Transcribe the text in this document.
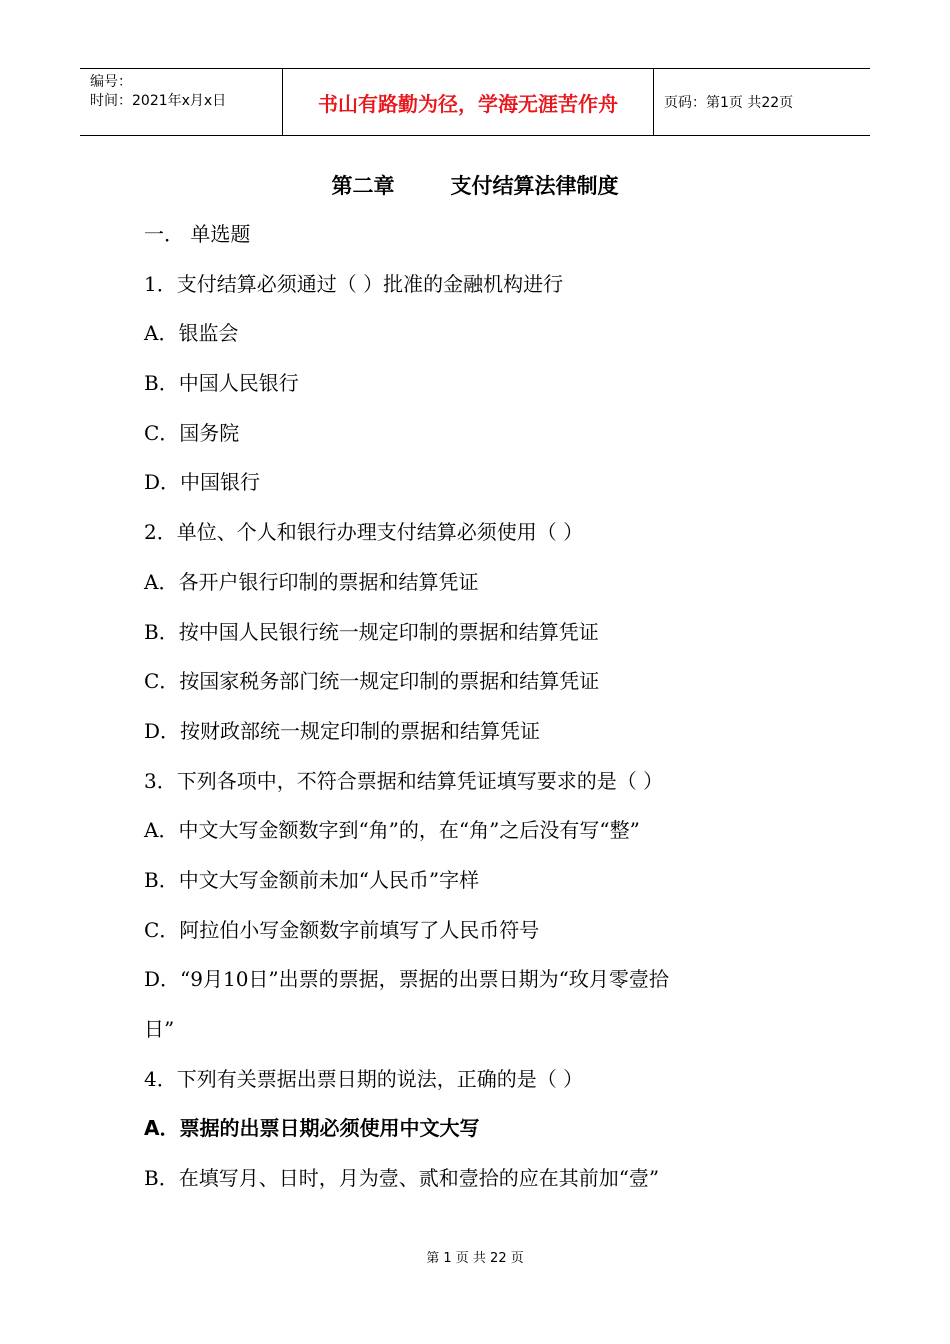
编号：
时间：2021年x月x日	书山有路勤为径，学海无涯苦作舟	页码：第1页 共22页
第二章	支付结算法律制度
一． 单选题
1．支付结算必须通过（ ）批准的金融机构进行
A．银监会
B．中国人民银行
C．国务院
D．中国银行
2．单位、个人和银行办理支付结算必须使用（ ）
A．各开户银行印制的票据和结算凭证
B．按中国人民银行统一规定印制的票据和结算凭证
C．按国家税务部门统一规定印制的票据和结算凭证
D．按财政部统一规定印制的票据和结算凭证
3．下列各项中，不符合票据和结算凭证填写要求的是（ ）
A．中文大写金额数字到“角”的，在“角”之后没有写“整”
B．中文大写金额前未加“人民币”字样
C．阿拉伯小写金额数字前填写了人民币符号
D．“9月10日”出票的票据，票据的出票日期为“玫月零壹拾
日”
4．下列有关票据出票日期的说法，正确的是（ ）
A．票据的出票日期必须使用中文大写
B．在填写月、日时，月为壹、贰和壹拾的应在其前加“壹”
第 1 页 共 22 页
